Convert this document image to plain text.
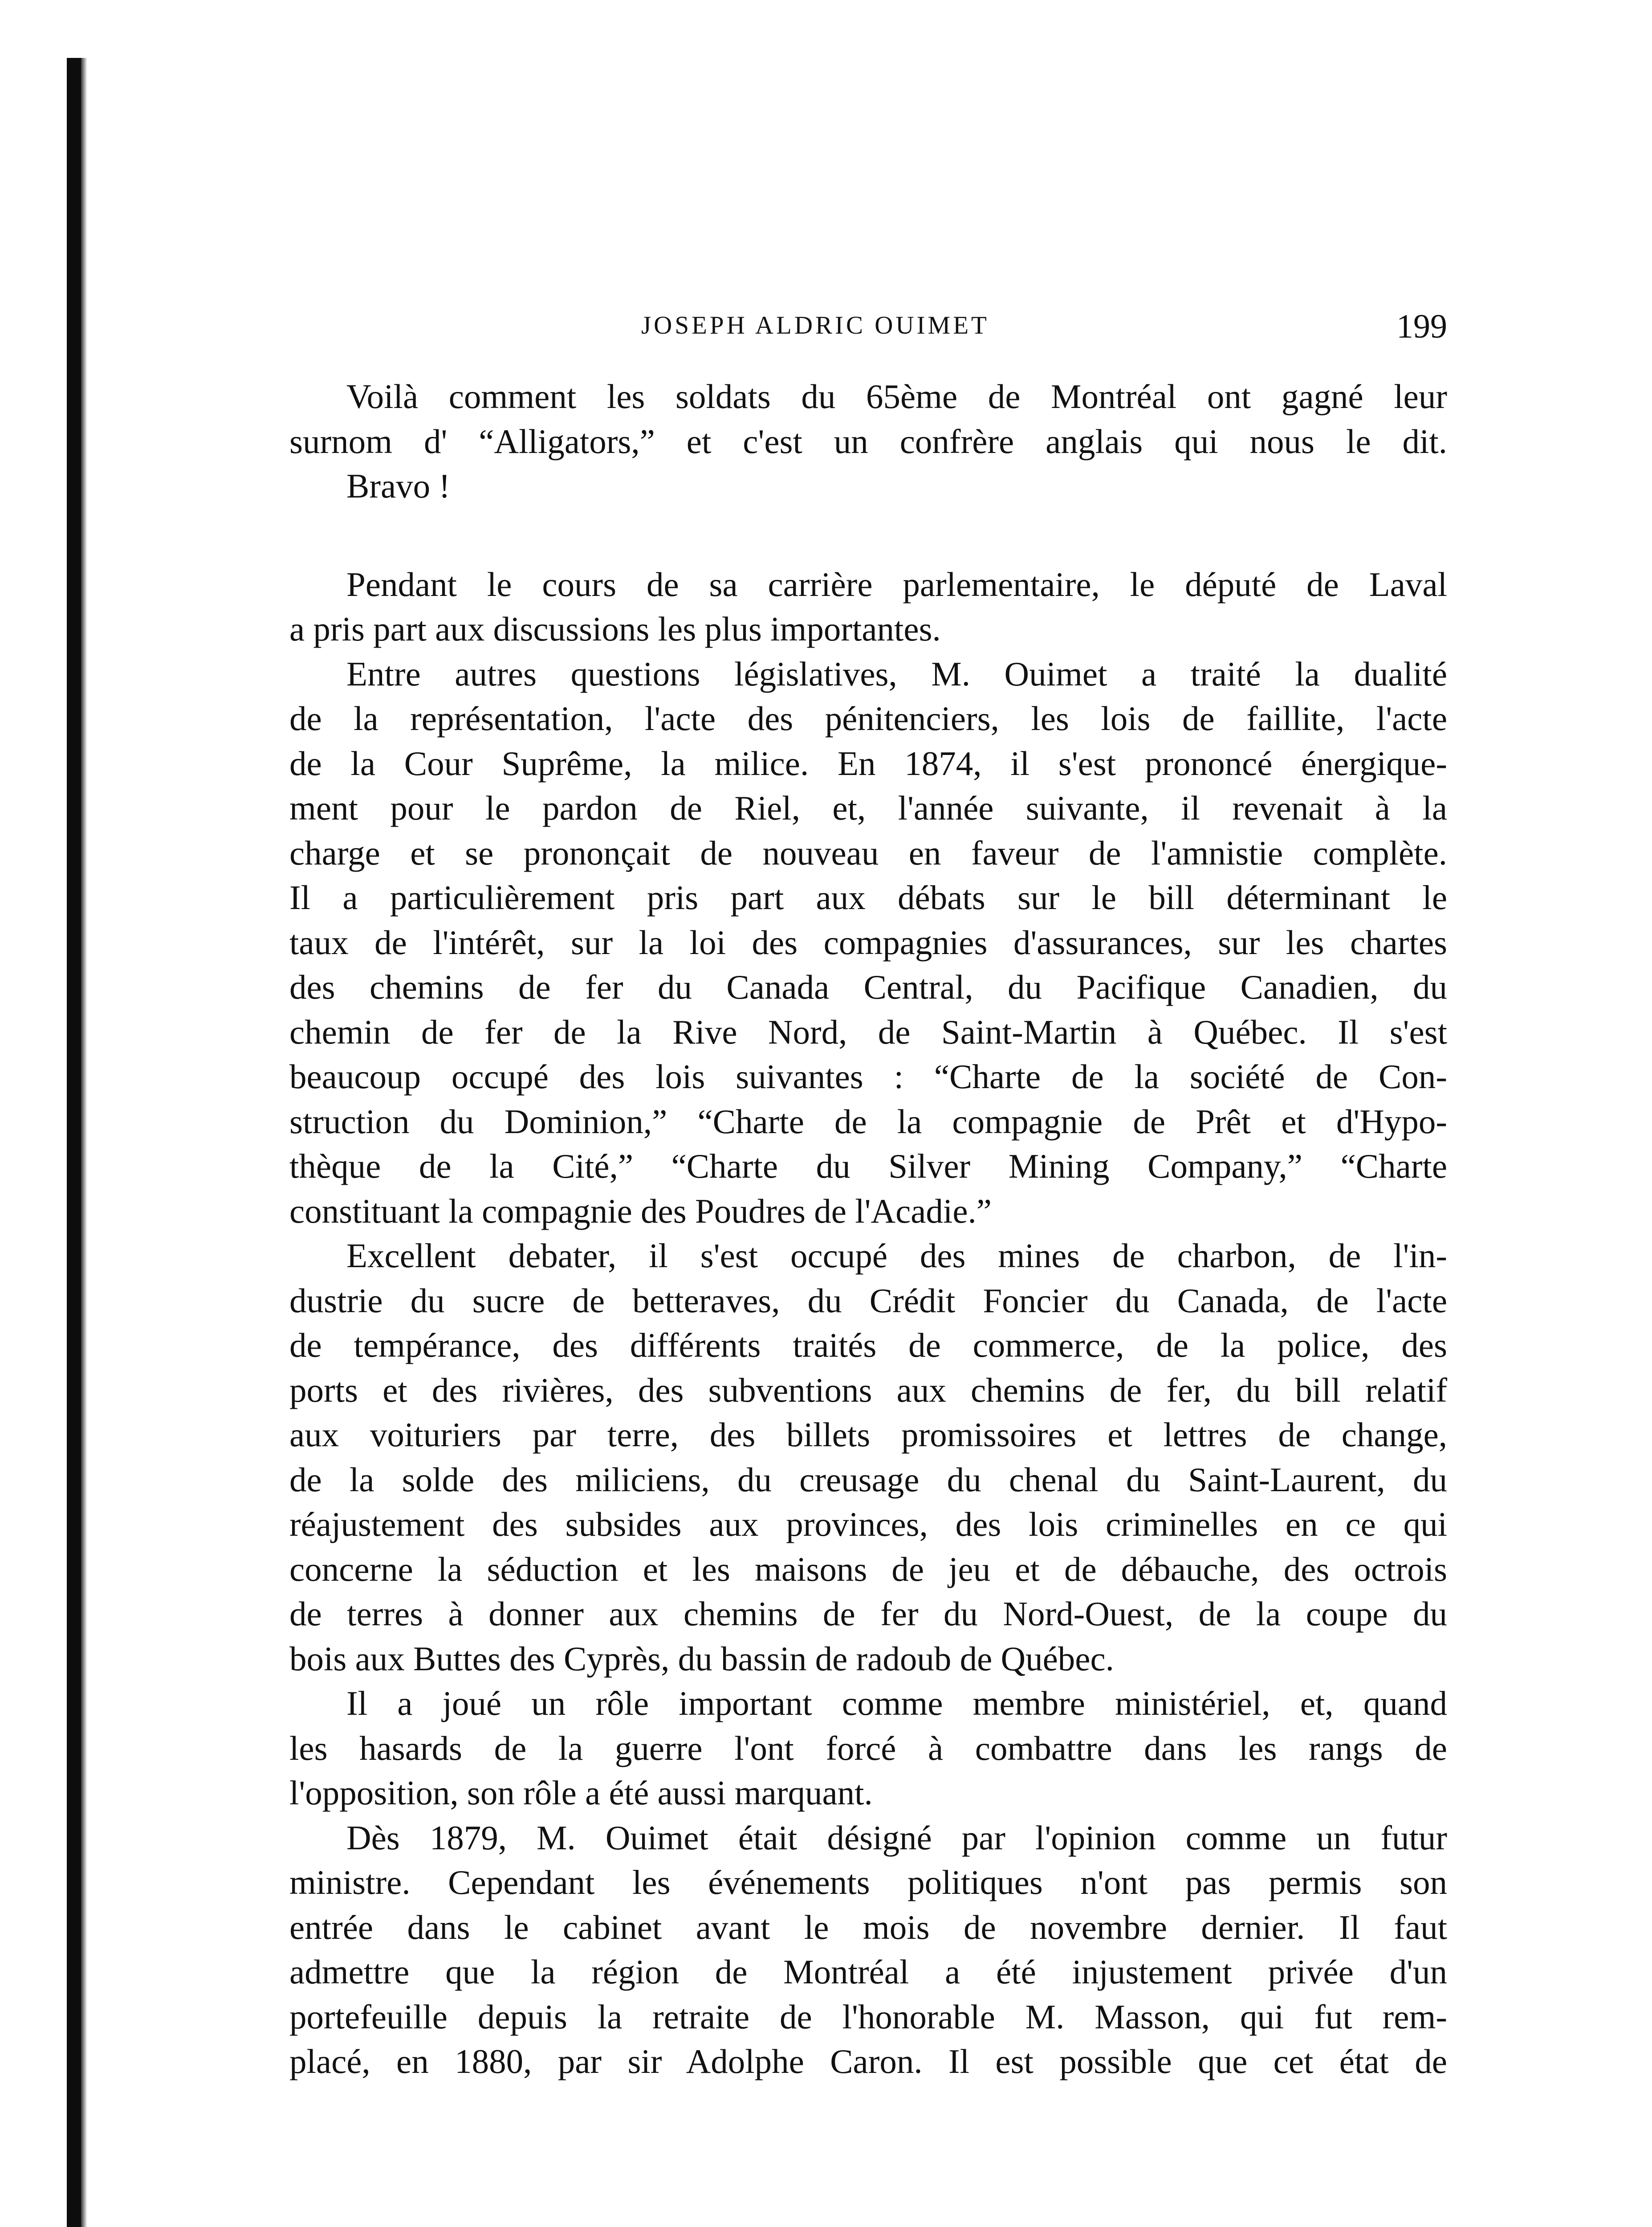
JOSEPH ALDRIC OUIMET	199
Voilà comment les soldats du 65ème de Montréal ont gagné leur
surnom d' “Alligators,” et c'est un confrère anglais qui nous le dit.
Bravo !
Pendant le cours de sa carrière parlementaire, le député de Laval
a pris part aux discussions les plus importantes.
Entre autres questions législatives, M. Ouimet a traité la dualité
de la représentation, l'acte des pénitenciers, les lois de faillite, l'acte
de la Cour Suprême, la milice. En 1874, il s'est prononcé énergique-
ment pour le pardon de Riel, et, l'année suivante, il revenait à la
charge et se prononçait de nouveau en faveur de l'amnistie complète.
Il a particulièrement pris part aux débats sur le bill déterminant le
taux de l'intérêt, sur la loi des compagnies d'assurances, sur les chartes
des chemins de fer du Canada Central, du Pacifique Canadien, du
chemin de fer de la Rive Nord, de Saint-Martin à Québec. Il s'est
beaucoup occupé des lois suivantes : “Charte de la société de Con-
struction du Dominion,” “Charte de la compagnie de Prêt et d'Hypo-
thèque de la Cité,” “Charte du Silver Mining Company,” “Charte
constituant la compagnie des Poudres de l'Acadie.”
Excellent debater, il s'est occupé des mines de charbon, de l'in-
dustrie du sucre de betteraves, du Crédit Foncier du Canada, de l'acte
de tempérance, des différents traités de commerce, de la police, des
ports et des rivières, des subventions aux chemins de fer, du bill relatif
aux voituriers par terre, des billets promissoires et lettres de change,
de la solde des miliciens, du creusage du chenal du Saint-Laurent, du
réajustement des subsides aux provinces, des lois criminelles en ce qui
concerne la séduction et les maisons de jeu et de débauche, des octrois
de terres à donner aux chemins de fer du Nord-Ouest, de la coupe du
bois aux Buttes des Cyprès, du bassin de radoub de Québec.
Il a joué un rôle important comme membre ministériel, et, quand
les hasards de la guerre l'ont forcé à combattre dans les rangs de
l'opposition, son rôle a été aussi marquant.
Dès 1879, M. Ouimet était désigné par l'opinion comme un futur
ministre. Cependant les événements politiques n'ont pas permis son
entrée dans le cabinet avant le mois de novembre dernier. Il faut
admettre que la région de Montréal a été injustement privée d'un
portefeuille depuis la retraite de l'honorable M. Masson, qui fut rem-
placé, en 1880, par sir Adolphe Caron. Il est possible que cet état de
